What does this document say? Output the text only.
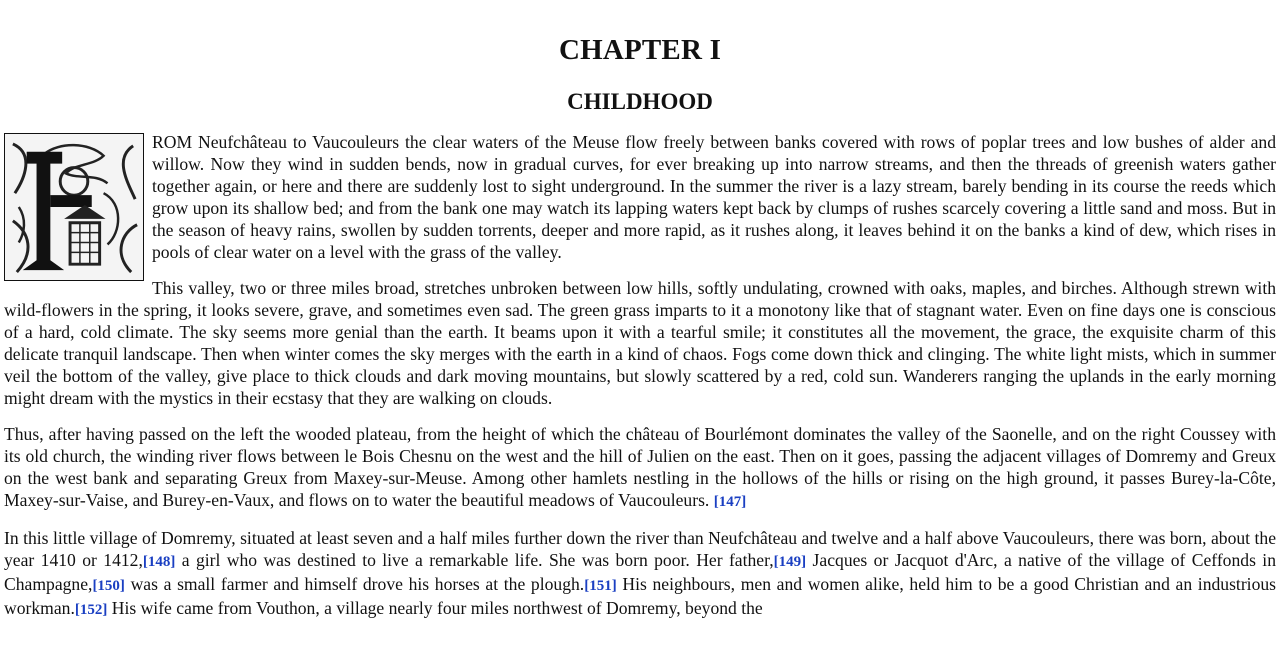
CHAPTER I
CHILDHOOD

ROM Neufchâteau to Vaucouleurs the clear waters of the Meuse flow freely between banks covered with rows of poplar trees and low bushes of alder and willow. Now they wind in sudden bends, now in gradual curves, for ever breaking up into narrow streams, and then the threads of greenish waters gather together again, or here and there are suddenly lost to sight underground. In the summer the river is a lazy stream, barely bending in its course the reeds which grow upon its shallow bed; and from the bank one may watch its lapping waters kept back by clumps of rushes scarcely covering a little sand and moss. But in the season of heavy rains, swollen by sudden torrents, deeper and more rapid, as it rushes along, it leaves behind it on the banks a kind of dew, which rises in pools of clear water on a level with the grass of the valley.

This valley, two or three miles broad, stretches unbroken between low hills, softly undulating, crowned with oaks, maples, and birches. Although strewn with wild-flowers in the spring, it looks severe, grave, and sometimes even sad. The green grass imparts to it a monotony like that of stagnant water. Even on fine days one is conscious of a hard, cold climate. The sky seems more genial than the earth. It beams upon it with a tearful smile; it constitutes all the movement, the grace, the exquisite charm of this delicate tranquil landscape. Then when winter comes the sky merges with the earth in a kind of chaos. Fogs come down thick and clinging. The white light mists, which in summer veil the bottom of the valley, give place to thick clouds and dark moving mountains, but slowly scattered by a red, cold sun. Wanderers ranging the uplands in the early morning might dream with the mystics in their ecstasy that they are walking on clouds.

Thus, after having passed on the left the wooded plateau, from the height of which the château of Bourlémont dominates the valley of the Saonelle, and on the right Coussey with its old church, the winding river flows between le Bois Chesnu on the west and the hill of Julien on the east. Then on it goes, passing the adjacent villages of Domremy and Greux on the west bank and separating Greux from Maxey-sur-Meuse. Among other hamlets nestling in the hollows of the hills or rising on the high ground, it passes Burey-la-Côte, Maxey-sur-Vaise, and Burey-en-Vaux, and flows on to water the beautiful meadows of Vaucouleurs. [147]

In this little village of Domremy, situated at least seven and a half miles further down the river than Neufchâteau and twelve and a half above Vaucouleurs, there was born, about the year 1410 or 1412,[148] a girl who was destined to live a remarkable life. She was born poor. Her father,[149] Jacques or Jacquot d'Arc, a native of the village of Ceffonds in Champagne,[150] was a small farmer and himself drove his horses at the plough.[151] His neighbours, men and women alike, held him to be a good Christian and an industrious workman.[152] His wife came from Vouthon, a village nearly four miles northwest of Domremy, beyond the
